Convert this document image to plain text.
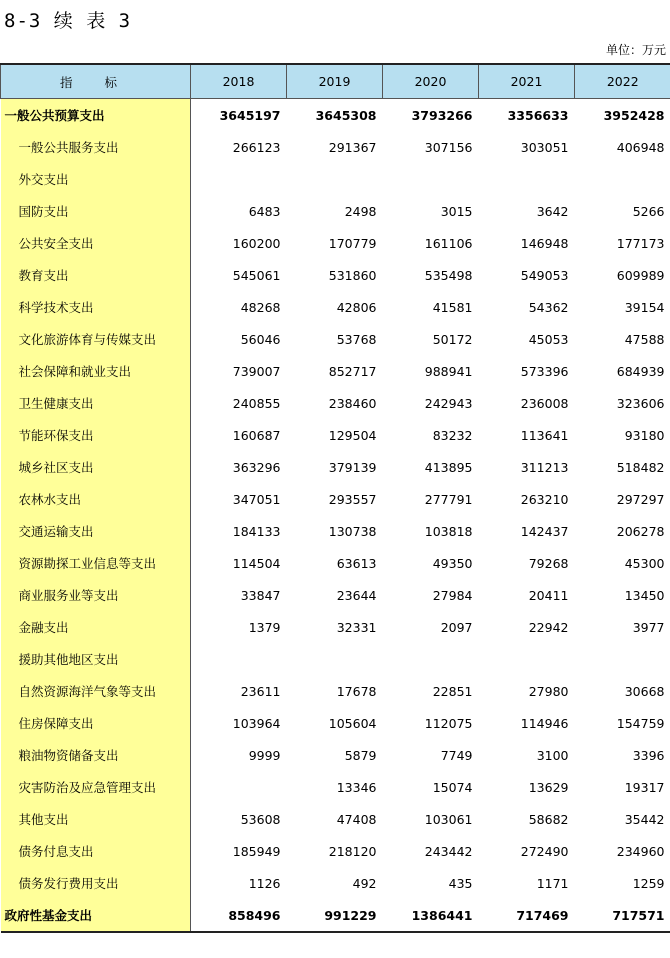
8-3 续 表 3
单位：万元
指 标	2018	2019	2020	2021	2022
一般公共预算支出	3645197	3645308	3793266	3356633	3952428
一般公共服务支出	266123	291367	307156	303051	406948
外交支出					
国防支出	6483	2498	3015	3642	5266
公共安全支出	160200	170779	161106	146948	177173
教育支出	545061	531860	535498	549053	609989
科学技术支出	48268	42806	41581	54362	39154
文化旅游体育与传媒支出	56046	53768	50172	45053	47588
社会保障和就业支出	739007	852717	988941	573396	684939
卫生健康支出	240855	238460	242943	236008	323606
节能环保支出	160687	129504	83232	113641	93180
城乡社区支出	363296	379139	413895	311213	518482
农林水支出	347051	293557	277791	263210	297297
交通运输支出	184133	130738	103818	142437	206278
资源勘探工业信息等支出	114504	63613	49350	79268	45300
商业服务业等支出	33847	23644	27984	20411	13450
金融支出	1379	32331	2097	22942	3977
援助其他地区支出					
自然资源海洋气象等支出	23611	17678	22851	27980	30668
住房保障支出	103964	105604	112075	114946	154759
粮油物资储备支出	9999	5879	7749	3100	3396
灾害防治及应急管理支出		13346	15074	13629	19317
其他支出	53608	47408	103061	58682	35442
债务付息支出	185949	218120	243442	272490	234960
债务发行费用支出	1126	492	435	1171	1259
政府性基金支出	858496	991229	1386441	717469	717571
